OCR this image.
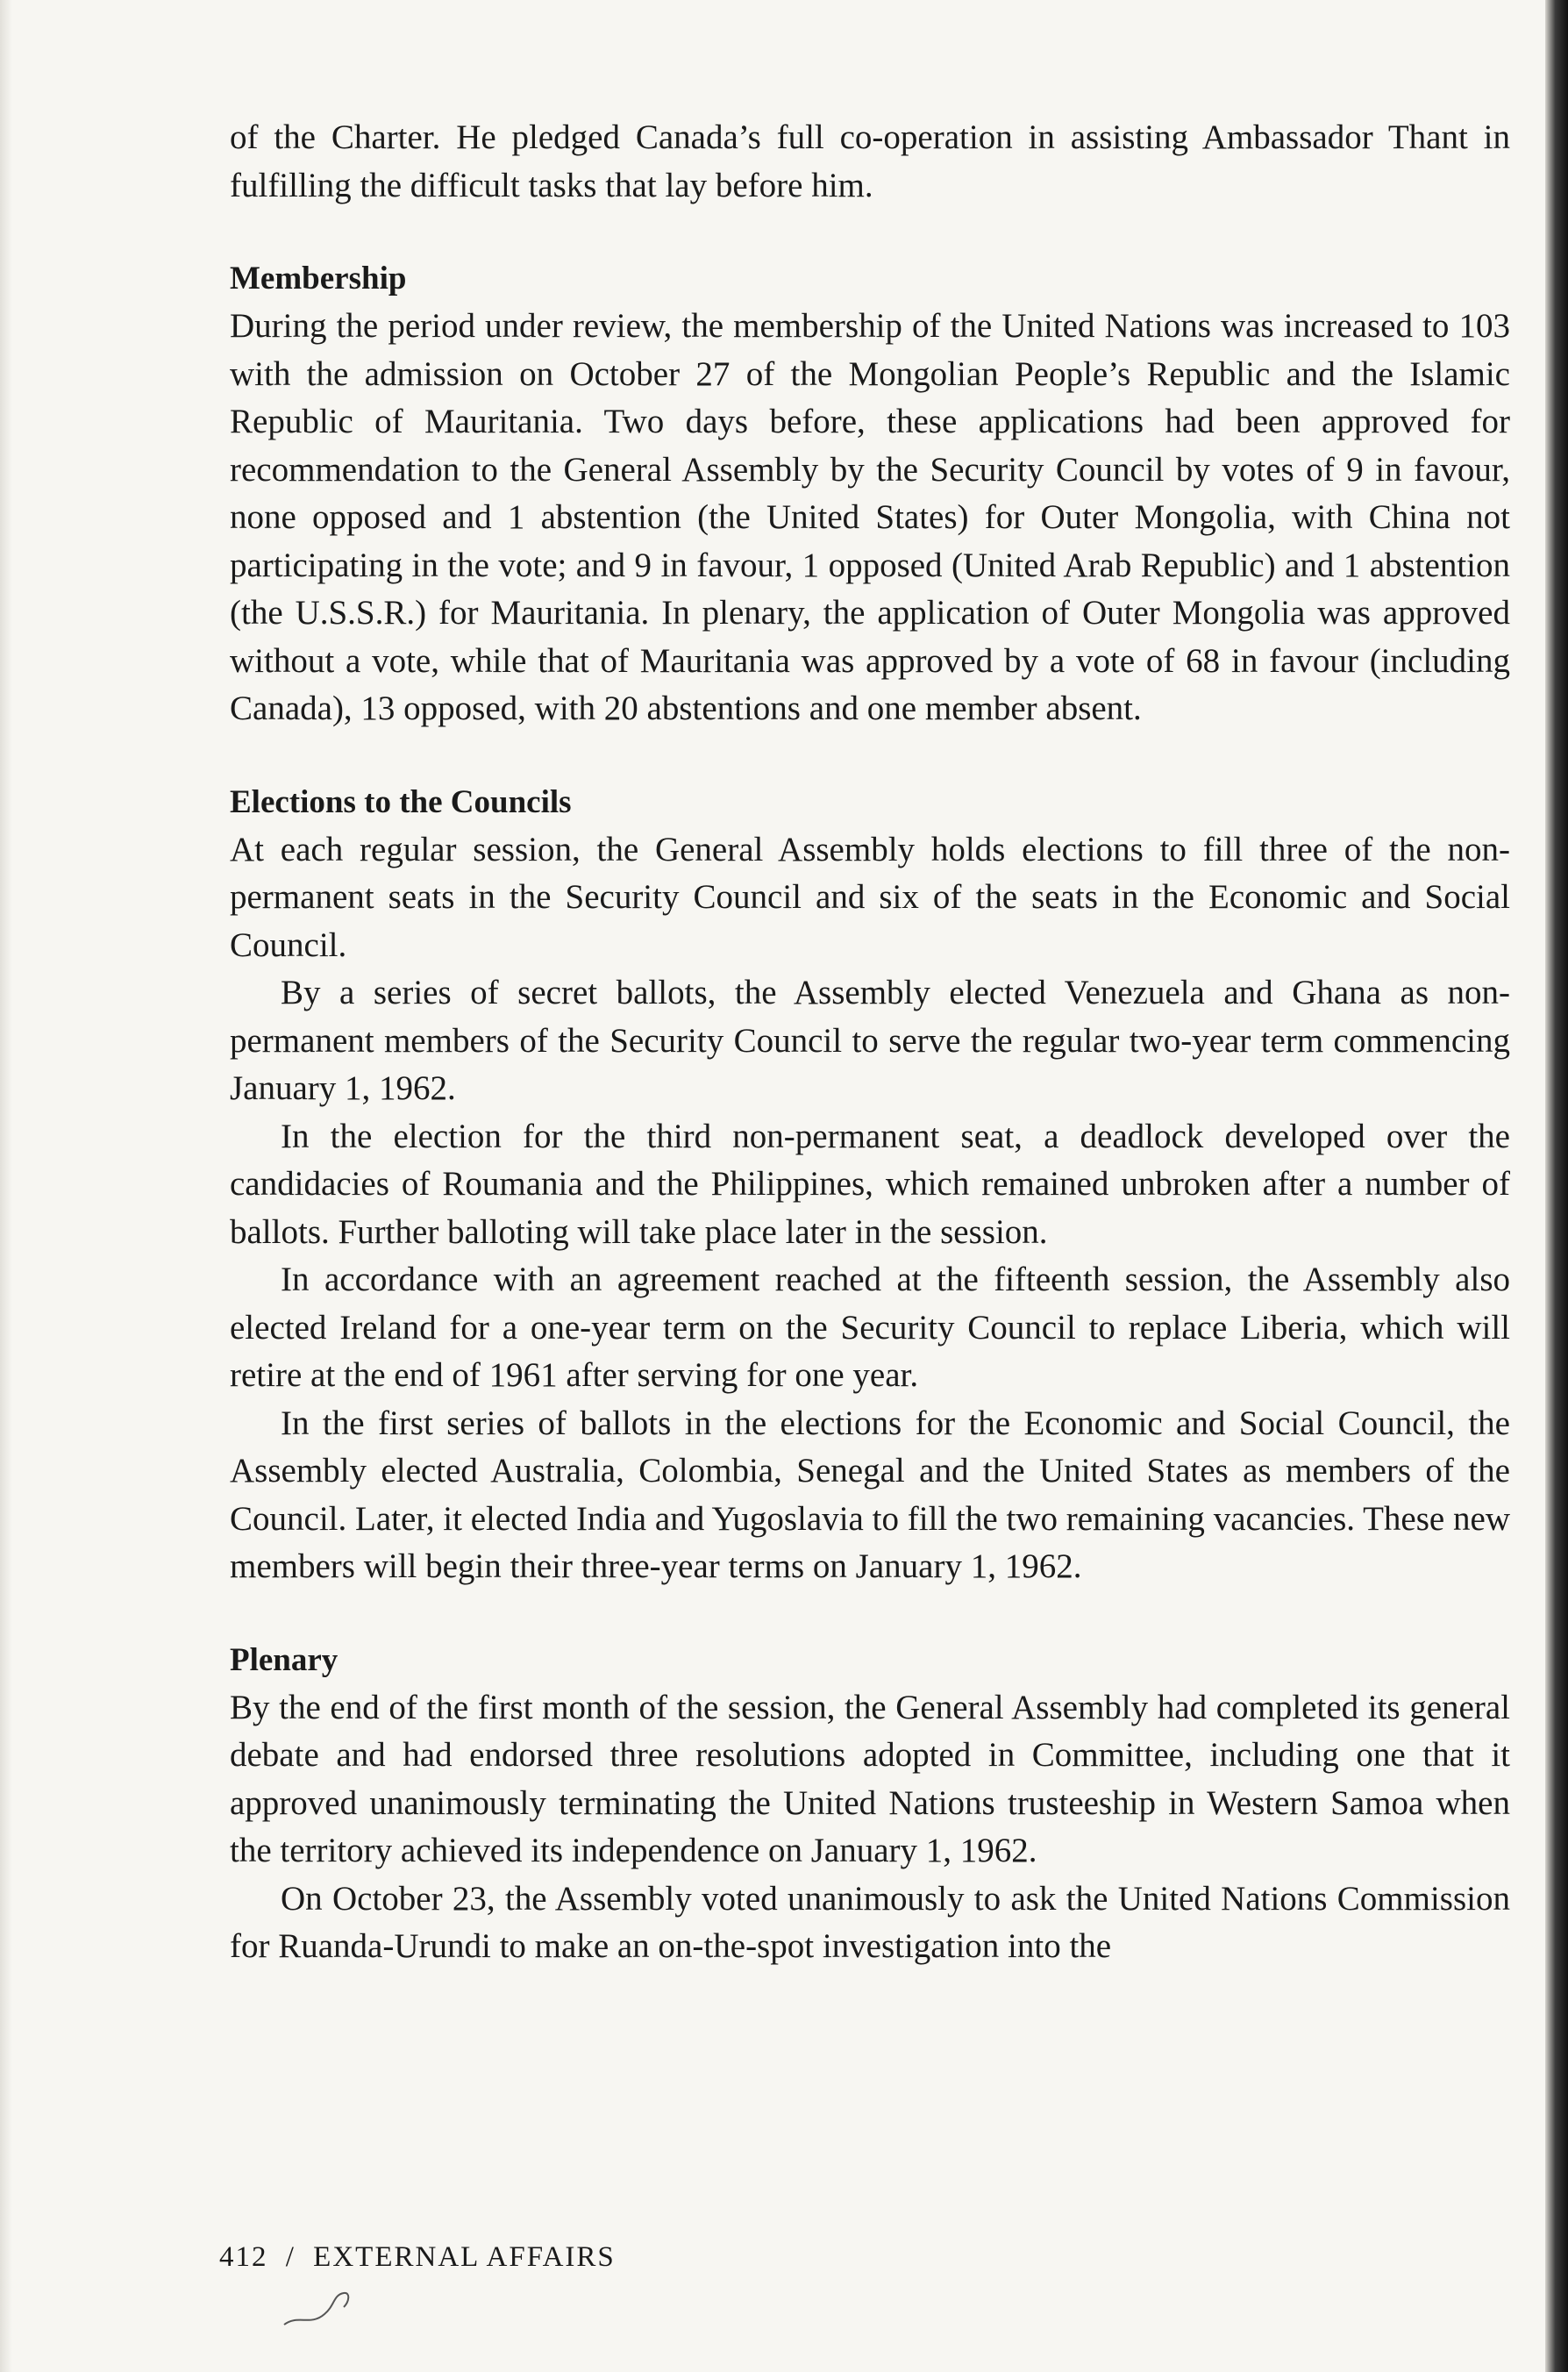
of the Charter. He pledged Canada’s full co-operation in assisting Ambassador Thant in fulfilling the difficult tasks that lay before him.

Membership

During the period under review, the membership of the United Nations was increased to 103 with the admission on October 27 of the Mongolian People’s Republic and the Islamic Republic of Mauritania. Two days before, these applications had been approved for recommendation to the General Assembly by the Security Council by votes of 9 in favour, none opposed and 1 abstention (the United States) for Outer Mongolia, with China not participating in the vote; and 9 in favour, 1 opposed (United Arab Republic) and 1 abstention (the U.S.S.R.) for Mauritania. In plenary, the application of Outer Mongolia was approved without a vote, while that of Mauritania was approved by a vote of 68 in favour (including Canada), 13 opposed, with 20 abstentions and one member absent.

Elections to the Councils

At each regular session, the General Assembly holds elections to fill three of the non-permanent seats in the Security Council and six of the seats in the Economic and Social Council.

By a series of secret ballots, the Assembly elected Venezuela and Ghana as non-permanent members of the Security Council to serve the regular two-year term commencing January 1, 1962.

In the election for the third non-permanent seat, a deadlock developed over the candidacies of Roumania and the Philippines, which remained unbroken after a number of ballots. Further balloting will take place later in the session.

In accordance with an agreement reached at the fifteenth session, the Assembly also elected Ireland for a one-year term on the Security Council to replace Liberia, which will retire at the end of 1961 after serving for one year.

In the first series of ballots in the elections for the Economic and Social Council, the Assembly elected Australia, Colombia, Senegal and the United States as members of the Council. Later, it elected India and Yugoslavia to fill the two remaining vacancies. These new members will begin their three-year terms on January 1, 1962.

Plenary

By the end of the first month of the session, the General Assembly had completed its general debate and had endorsed three resolutions adopted in Committee, including one that it approved unanimously terminating the United Nations trusteeship in Western Samoa when the territory achieved its independence on January 1, 1962.

On October 23, the Assembly voted unanimously to ask the United Nations Commission for Ruanda-Urundi to make an on-the-spot investigation into the

412 / EXTERNAL AFFAIRS
